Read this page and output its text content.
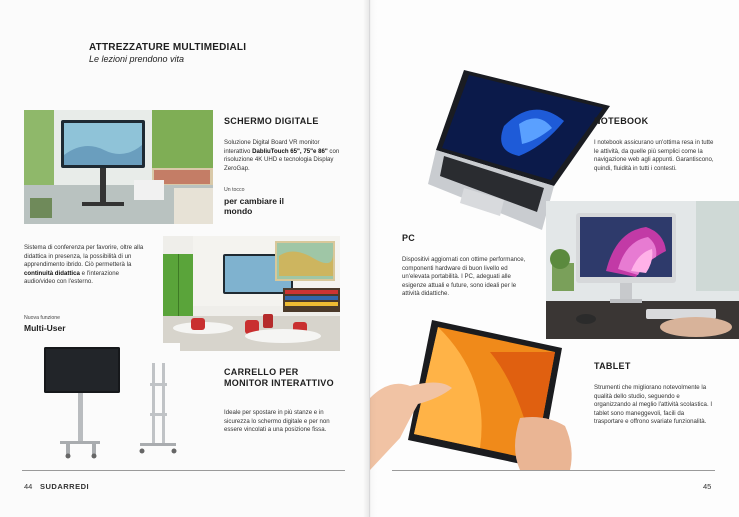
ATTREZZATURE MULTIMEDIALI
Le lezioni prendono vita
SCHERMO DIGITALE
Soluzione Digital Board VR monitor interattivo DabliuTouch 65", 75"e 86" con risoluzione 4K UHD e tecnologia Display ZeroGap.
Un tocco
per cambiare il mondo
Sistema di conferenza per favorire, oltre alla didattica in presenza, la possibilità di un apprendimento ibrido. Ciò permetterà la continuità didattica e l'interazione audio/video con l'esterno.
Nuova funzione
Multi-User
CARRELLO PER MONITOR INTERATTIVO
Ideale per spostare in più stanze e in sicurezza lo schermo digitale e per non essere vincolati a una posizione fissa.
44 SUDARREDI
NOTEBOOK
I notebook assicurano un'ottima resa in tutte le attività, da quelle più semplici come la navigazione web agli appunti. Garantiscono, quindi, fluidità in tutti i contesti.
PC
Dispositivi aggiornati con ottime performance, componenti hardware di buon livello ed un'elevata portabilità. I PC, adeguati alle esigenze attuali e future, sono ideali per le attività didattiche.
TABLET
Strumenti che migliorano notevolmente la qualità dello studio, seguendo e organizzando al meglio l'attività scolastica. I tablet sono maneggevoli, facili da trasportare e offrono svariate funzionalità.
45
